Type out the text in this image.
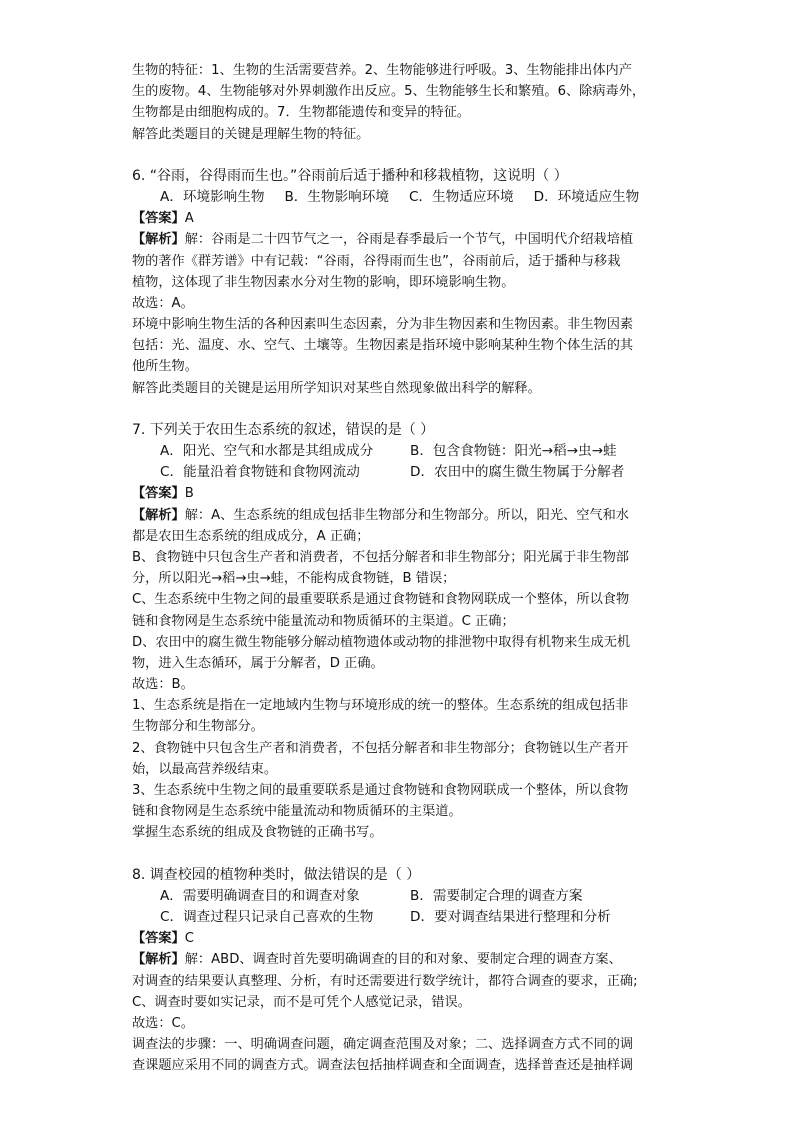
生物的特征：1、生物的生活需要营养。2、生物能够进行呼吸。3、生物能排出体内产
生的废物。4、生物能够对外界刺激作出反应。5、生物能够生长和繁殖。6、除病毒外，
生物都是由细胞构成的。7．生物都能遗传和变异的特征。
解答此类题目的关键是理解生物的特征。
6. “谷雨，谷得雨而生也。”谷雨前后适于播种和移栽植物，这说明（ ）
A．环境影响生物 B．生物影响环境 C．生物适应环境 D．环境适应生物
【答案】A
【解析】解：谷雨是二十四节气之一，谷雨是春季最后一个节气，中国明代介绍栽培植
物的著作《群芳谱》中有记载：“谷雨，谷得雨而生也”，谷雨前后，适于播种与移栽
植物，这体现了非生物因素水分对生物的影响，即环境影响生物。
故选：A。
环境中影响生物生活的各种因素叫生态因素，分为非生物因素和生物因素。非生物因素
包括：光、温度、水、空气、土壤等。生物因素是指环境中影响某种生物个体生活的其
他所生物。
解答此类题目的关键是运用所学知识对某些自然现象做出科学的解释。
7. 下列关于农田生态系统的叙述，错误的是（ ）
A．阳光、空气和水都是其组成成分	B．包含食物链：阳光→稻→虫→蛙
C．能量沿着食物链和食物网流动	D．农田中的腐生微生物属于分解者
【答案】B
【解析】解：A、生态系统的组成包括非生物部分和生物部分。所以，阳光、空气和水
都是农田生态系统的组成成分，A 正确；
B、食物链中只包含生产者和消费者，不包括分解者和非生物部分；阳光属于非生物部
分，所以阳光→稻→虫→蛙，不能构成食物链，B 错误；
C、生态系统中生物之间的最重要联系是通过食物链和食物网联成一个整体，所以食物
链和食物网是生态系统中能量流动和物质循环的主渠道。C 正确；
D、农田中的腐生微生物能够分解动植物遗体或动物的排泄物中取得有机物来生成无机
物，进入生态循环，属于分解者，D 正确。
故选：B。
1、生态系统是指在一定地域内生物与环境形成的统一的整体。生态系统的组成包括非
生物部分和生物部分。
2、食物链中只包含生产者和消费者，不包括分解者和非生物部分；食物链以生产者开
始，以最高营养级结束。
3、生态系统中生物之间的最重要联系是通过食物链和食物网联成一个整体，所以食物
链和食物网是生态系统中能量流动和物质循环的主渠道。
掌握生态系统的组成及食物链的正确书写。
8. 调查校园的植物种类时，做法错误的是（ ）
A．需要明确调查目的和调查对象	B．需要制定合理的调查方案
C．调查过程只记录自己喜欢的生物	D．要对调查结果进行整理和分析
【答案】C
【解析】解：ABD、调查时首先要明确调查的目的和对象、要制定合理的调查方案、
对调查的结果要认真整理、分析，有时还需要进行数学统计，都符合调查的要求，正确;
C、调查时要如实记录，而不是可凭个人感觉记录，错误。
故选：C。
调查法的步骤：一、明确调查问题，确定调查范围及对象；二、选择调查方式不同的调
查课题应采用不同的调查方式。调查法包括抽样调查和全面调查，选择普查还是抽样调
